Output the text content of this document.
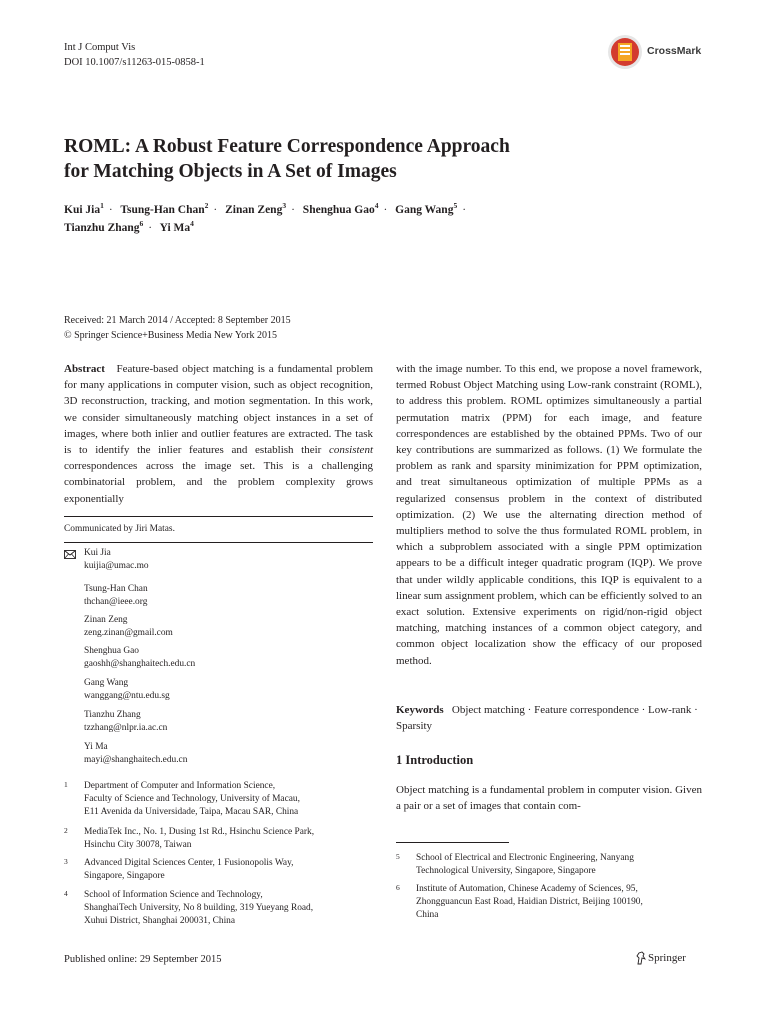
Int J Comput Vis
DOI 10.1007/s11263-015-0858-1
CrossMark
ROML: A Robust Feature Correspondence Approach
for Matching Objects in A Set of Images
Kui Jia$^1$ · Tsung-Han Chan$^2$ · Zinan Zeng$^3$ · Shenghua Gao$^4$ · Gang Wang$^5$ ·
Tianzhu Zhang$^6$ · Yi Ma$^4$
Received: 21 March 2014 / Accepted: 8 September 2015
© Springer Science+Business Media New York 2015
Abstract Feature-based object matching is a fundamental problem for many applications in computer vision, such as object recognition, 3D reconstruction, tracking, and motion segmentation. In this work, we consider simultaneously matching object instances in a set of images, where both inlier and outlier features are extracted. The task is to identify the inlier features and establish their consistent correspondences across the image set. This is a challenging combinatorial problem, and the problem complexity grows exponentially
Communicated by Jiri Matas.
Kui Jia
kuijia@umac.mo
Tsung-Han Chan
thchan@ieee.org
Zinan Zeng
zeng.zinan@gmail.com
Shenghua Gao
gaoshh@shanghaitech.edu.cn
Gang Wang
wanggang@ntu.edu.sg
Tianzhu Zhang
tzzhang@nlpr.ia.ac.cn
Yi Ma
mayi@shanghaitech.edu.cn
1 Department of Computer and Information Science,
Faculty of Science and Technology, University of Macau,
E11 Avenida da Universidade, Taipa, Macau SAR, China
2 MediaTek Inc., No. 1, Dusing 1st Rd., Hsinchu Science Park,
Hsinchu City 30078, Taiwan
3 Advanced Digital Sciences Center, 1 Fusionopolis Way,
Singapore, Singapore
4 School of Information Science and Technology,
ShanghaiTech University, No 8 building, 319 Yueyang Road,
Xuhui District, Shanghai 200031, China
with the image number. To this end, we propose a novel framework, termed Robust Object Matching using Low-rank constraint (ROML), to address this problem. ROML optimizes simultaneously a partial permutation matrix (PPM) for each image, and feature correspondences are established by the obtained PPMs. Two of our key contributions are summarized as follows. (1) We formulate the problem as rank and sparsity minimization for PPM optimization, and treat simultaneous optimization of multiple PPMs as a regularized consensus problem in the context of distributed optimization. (2) We use the alternating direction method of multipliers method to solve the thus formulated ROML problem, in which a subproblem associated with a single PPM optimization appears to be a difficult integer quadratic program (IQP). We prove that under wildly applicable conditions, this IQP is equivalent to a linear sum assignment problem, which can be efficiently solved to an exact solution. Extensive experiments on rigid/non-rigid object matching, matching instances of a common object category, and common object localization show the efficacy of our proposed method.
Keywords Object matching · Feature correspondence · Low-rank · Sparsity
1 Introduction
Object matching is a fundamental problem in computer vision. Given a pair or a set of images that contain com-
5 School of Electrical and Electronic Engineering, Nanyang
Technological University, Singapore, Singapore
6 Institute of Automation, Chinese Academy of Sciences, 95,
Zhongguancun East Road, Haidian District, Beijing 100190,
China
Published online: 29 September 2015	Springer
